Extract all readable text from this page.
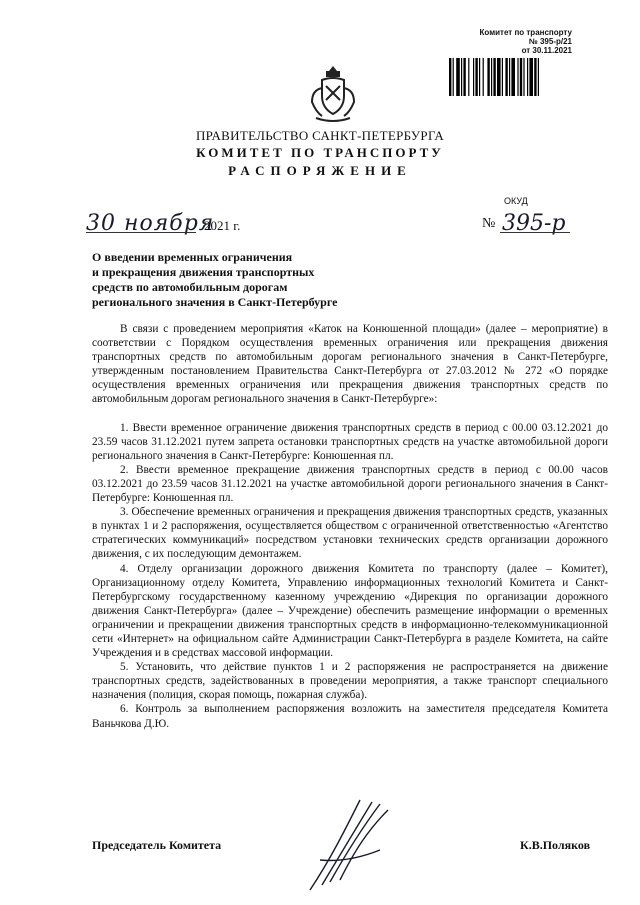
Комитет по транспорту
№ 395-р/21
от 30.11.2021
ПРАВИТЕЛЬСТВО САНКТ-ПЕТЕРБУРГА
КОМИТЕТ ПО ТРАНСПОРТУ
РАСПОРЯЖЕНИЕ
ОКУД
30 ноября
2021 г.	№ 395-р
О введении временных ограничения
и прекращения движения транспортных
средств по автомобильным дорогам
регионального значения в Санкт-Петербурге
В связи с проведением мероприятия «Каток на Конюшенной площади» (далее – мероприятие) в соответствии с Порядком осуществления временных ограничения или прекращения движения транспортных средств по автомобильным дорогам регионального значения в Санкт-Петербурге, утвержденным постановлением Правительства Санкт-Петербурга от 27.03.2012 № 272 «О порядке осуществления временных ограничения или прекращения движения транспортных средств по автомобильным дорогам регионального значения в Санкт-Петербурге»:
1. Ввести временное ограничение движения транспортных средств в период с 00.00 03.12.2021 до 23.59 часов 31.12.2021 путем запрета остановки транспортных средств на участке автомобильной дороги регионального значения в Санкт-Петербурге: Конюшенная пл.
2. Ввести временное прекращение движения транспортных средств в период с 00.00 часов 03.12.2021 до 23.59 часов 31.12.2021 на участке автомобильной дороги регионального значения в Санкт-Петербурге: Конюшенная пл.
3. Обеспечение временных ограничения и прекращения движения транспортных средств, указанных в пунктах 1 и 2 распоряжения, осуществляется обществом с ограниченной ответственностью «Агентство стратегических коммуникаций» посредством установки технических средств организации дорожного движения, с их последующим демонтажем.
4. Отделу организации дорожного движения Комитета по транспорту (далее – Комитет), Организационному отделу Комитета, Управлению информационных технологий Комитета и Санкт-Петербургскому государственному казенному учреждению «Дирекция по организации дорожного движения Санкт-Петербурга» (далее – Учреждение) обеспечить размещение информации о временных ограничении и прекращении движения транспортных средств в информационно-телекоммуникационной сети «Интернет» на официальном сайте Администрации Санкт-Петербурга в разделе Комитета, на сайте Учреждения и в средствах массовой информации.
5. Установить, что действие пунктов 1 и 2 распоряжения не распространяется на движение транспортных средств, задействованных в проведении мероприятия, а также транспорт специального назначения (полиция, скорая помощь, пожарная служба).
6. Контроль за выполнением распоряжения возложить на заместителя председателя Комитета Ваньчкова Д.Ю.
Председатель Комитета	К.В.Поляков
